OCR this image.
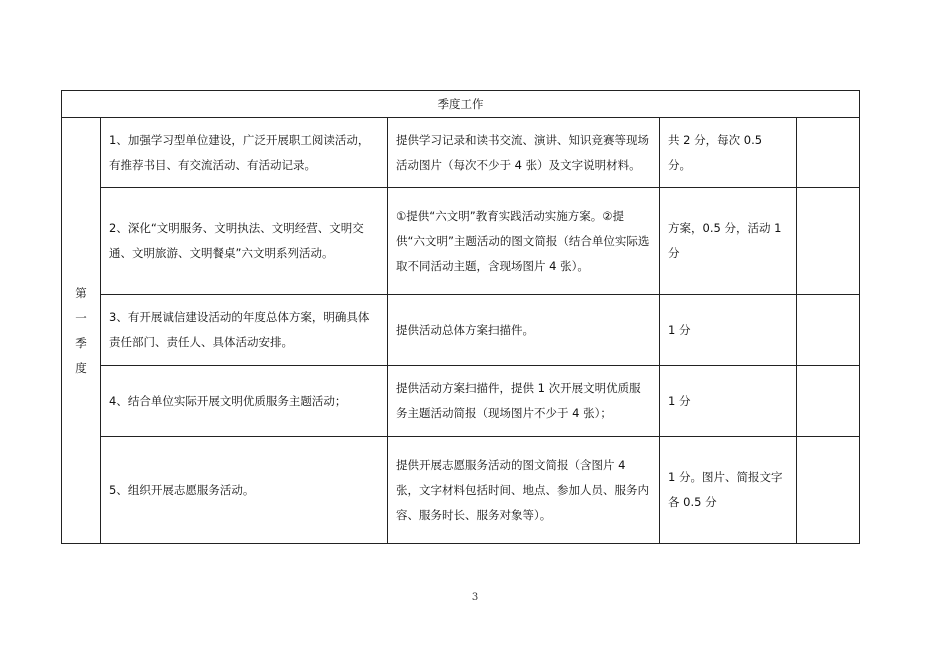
季度工作				
第一
季度	1、加强学习型单位建设，广泛开展职工阅读活动，有推荐书目、有交流活动、有活动记录。	提供学习记录和读书交流、演讲、知识竞赛等现场活动图片（每次不少于 4 张）及文字说明材料。	共 2 分，每次 0.5 分。	
	2、深化“文明服务、文明执法、文明经营、文明交通、文明旅游、文明餐桌”六文明系列活动。	①提供“六文明”教育实践活动实施方案。②提供“六文明”主题活动的图文简报（结合单位实际选取不同活动主题，含现场图片 4 张）。	方案，0.5 分，活动 1 分	
	3、有开展诚信建设活动的年度总体方案，明确具体责任部门、责任人、具体活动安排。	提供活动总体方案扫描件。	1 分	
	4、结合单位实际开展文明优质服务主题活动；	提供活动方案扫描件，提供 1 次开展文明优质服务主题活动简报（现场图片不少于 4 张）；	1 分	
	5、组织开展志愿服务活动。	提供开展志愿服务活动的图文简报（含图片 4 张，文字材料包括时间、地点、参加人员、服务内容、服务时长、服务对象等）。	1 分。图片、简报文字各 0.5 分	
3
